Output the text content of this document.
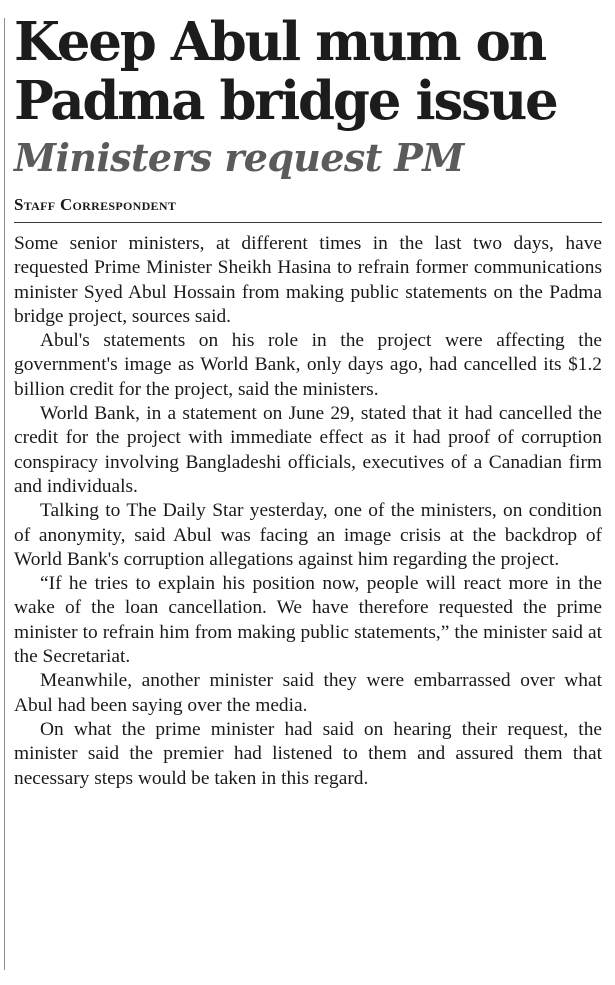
Keep Abul mum on
Padma bridge issue
Ministers request PM
Staff Correspondent

Some senior ministers, at different times in the last two days, have requested Prime Minister Sheikh Hasina to refrain former communications minister Syed Abul Hossain from making public statements on the Padma bridge project, sources said.

Abul's statements on his role in the project were affecting the government's image as World Bank, only days ago, had cancelled its $1.2 billion credit for the project, said the ministers.

World Bank, in a statement on June 29, stated that it had cancelled the credit for the project with immediate effect as it had proof of corruption conspiracy involving Bangladeshi officials, executives of a Canadian firm and individuals.

Talking to The Daily Star yesterday, one of the ministers, on condition of anonymity, said Abul was facing an image crisis at the backdrop of World Bank's corruption allegations against him regarding the project.

“If he tries to explain his position now, people will react more in the wake of the loan cancellation. We have therefore requested the prime minister to refrain him from making public statements,” the minister said at the Secretariat.

Meanwhile, another minister said they were embarrassed over what Abul had been saying over the media.

On what the prime minister had said on hearing their request, the minister said the premier had listened to them and assured them that necessary steps would be taken in this regard.
